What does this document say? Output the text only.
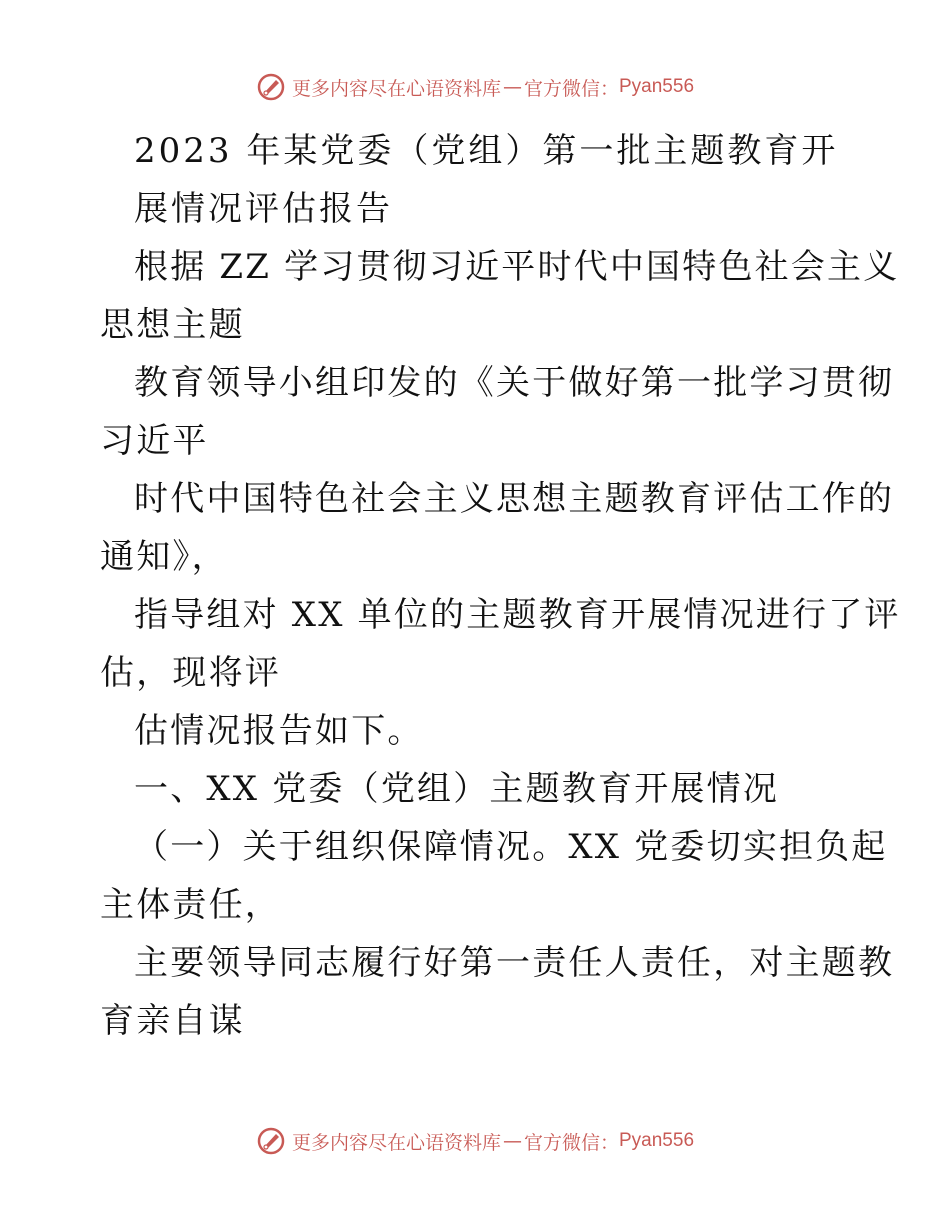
更多内容尽在心语资料库 — 官方微信： Pyan556
2023 年某党委（党组）第一批主题教育开
展情况评估报告
根据 ZZ 学习贯彻习近平时代中国特色社会主义
思想主题
教育领导小组印发的《关于做好第一批学习贯彻
习近平
时代中国特色社会主义思想主题教育评估工作的
通知》，
指导组对 XX 单位的主题教育开展情况进行了评
估，现将评
估情况报告如下。
一、XX 党委（党组）主题教育开展情况
（一）关于组织保障情况。XX 党委切实担负起
主体责任，
主要领导同志履行好第一责任人责任，对主题教
育亲自谋
更多内容尽在心语资料库 — 官方微信： Pyan556
